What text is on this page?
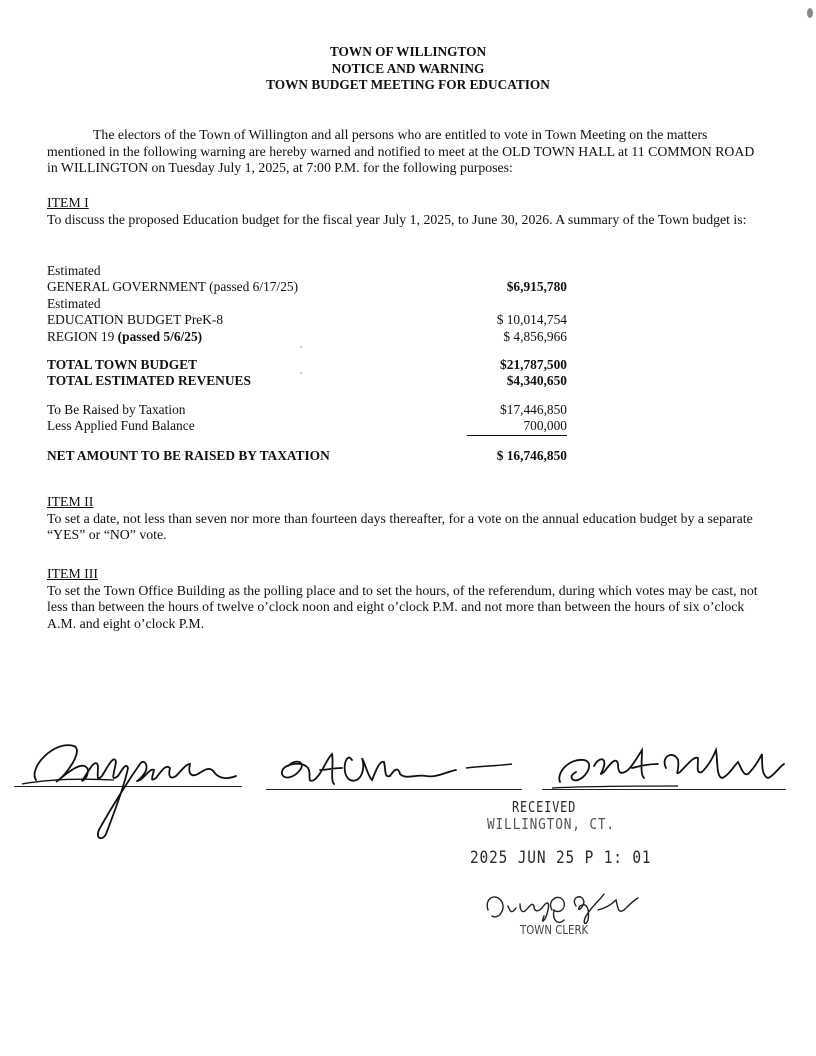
TOWN OF WILLINGTON
NOTICE AND WARNING
TOWN BUDGET MEETING FOR EDUCATION
The electors of the Town of Willington and all persons who are entitled to vote in Town Meeting on the matters mentioned in the following warning are hereby warned and notified to meet at the OLD TOWN HALL at 11 COMMON ROAD in WILLINGTON on Tuesday July 1, 2025, at 7:00 P.M. for the following purposes:
ITEM I
To discuss the proposed Education budget for the fiscal year July 1, 2025, to June 30, 2026. A summary of the Town budget is:
Estimated
GENERAL GOVERNMENT (passed 6/17/25)	$6,915,780
Estimated
EDUCATION BUDGET PreK-8	$ 10,014,754
REGION 19 (passed 5/6/25)	$ 4,856,966
TOTAL TOWN BUDGET	$21,787,500
TOTAL ESTIMATED REVENUES	$4,340,650
To Be Raised by Taxation	$17,446,850
Less Applied Fund Balance	700,000
NET AMOUNT TO BE RAISED BY TAXATION	$ 16,746,850
ITEM II
To set a date, not less than seven nor more than fourteen days thereafter, for a vote on the annual education budget by a separate “YES” or “NO” vote.
ITEM III
To set the Town Office Building as the polling place and to set the hours, of the referendum, during which votes may be cast, not less than between the hours of twelve o’clock noon and eight o’clock P.M. and not more than between the hours of six o’clock A.M. and eight o’clock P.M.
RECEIVED
WILLINGTON, CT.
2025 JUN 25 P 1: 01
TOWN CLERK
